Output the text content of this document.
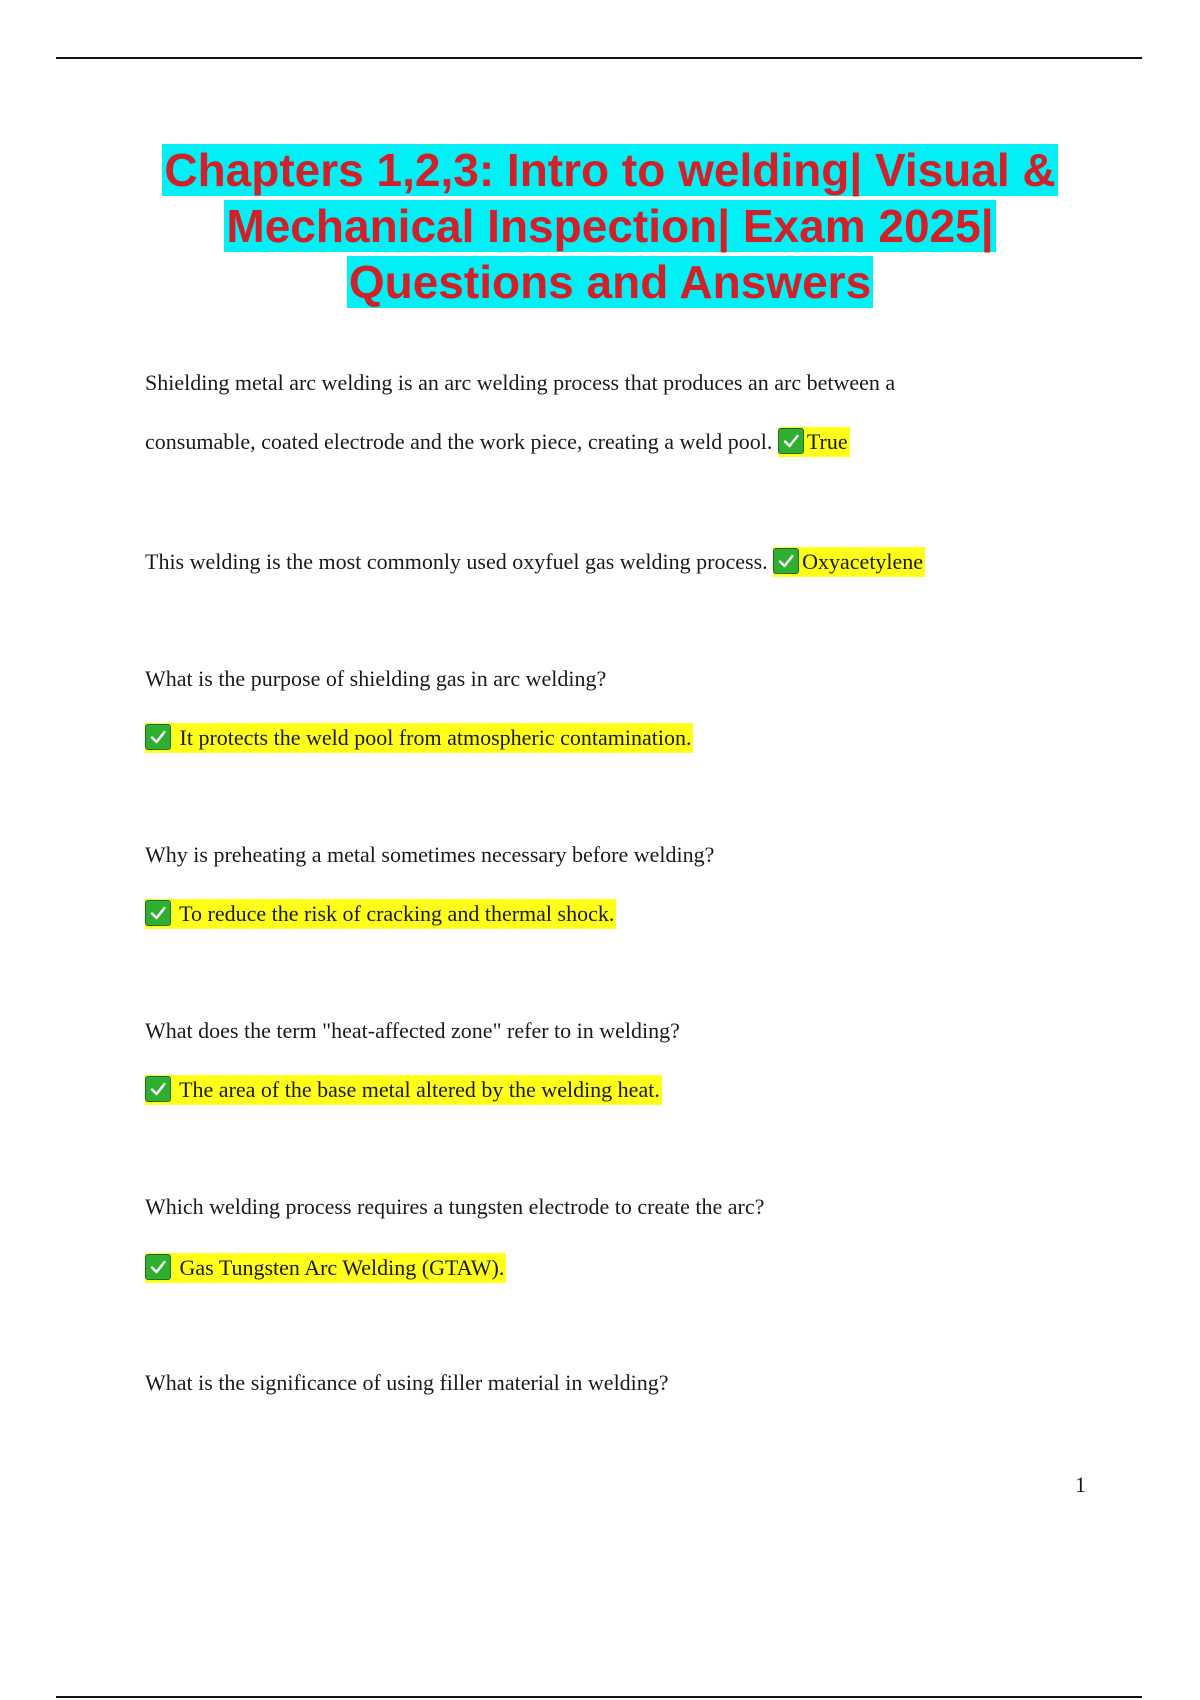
Chapters 1,2,3: Intro to welding| Visual &
Mechanical Inspection| Exam 2025|
Questions and Answers
Shielding metal arc welding is an arc welding process that produces an arc between a
consumable, coated electrode and the work piece, creating a weld pool. True
This welding is the most commonly used oxyfuel gas welding process. Oxyacetylene
What is the purpose of shielding gas in arc welding?
It protects the weld pool from atmospheric contamination.
Why is preheating a metal sometimes necessary before welding?
To reduce the risk of cracking and thermal shock.
What does the term "heat-affected zone" refer to in welding?
The area of the base metal altered by the welding heat.
Which welding process requires a tungsten electrode to create the arc?
Gas Tungsten Arc Welding (GTAW).
What is the significance of using filler material in welding?
1
